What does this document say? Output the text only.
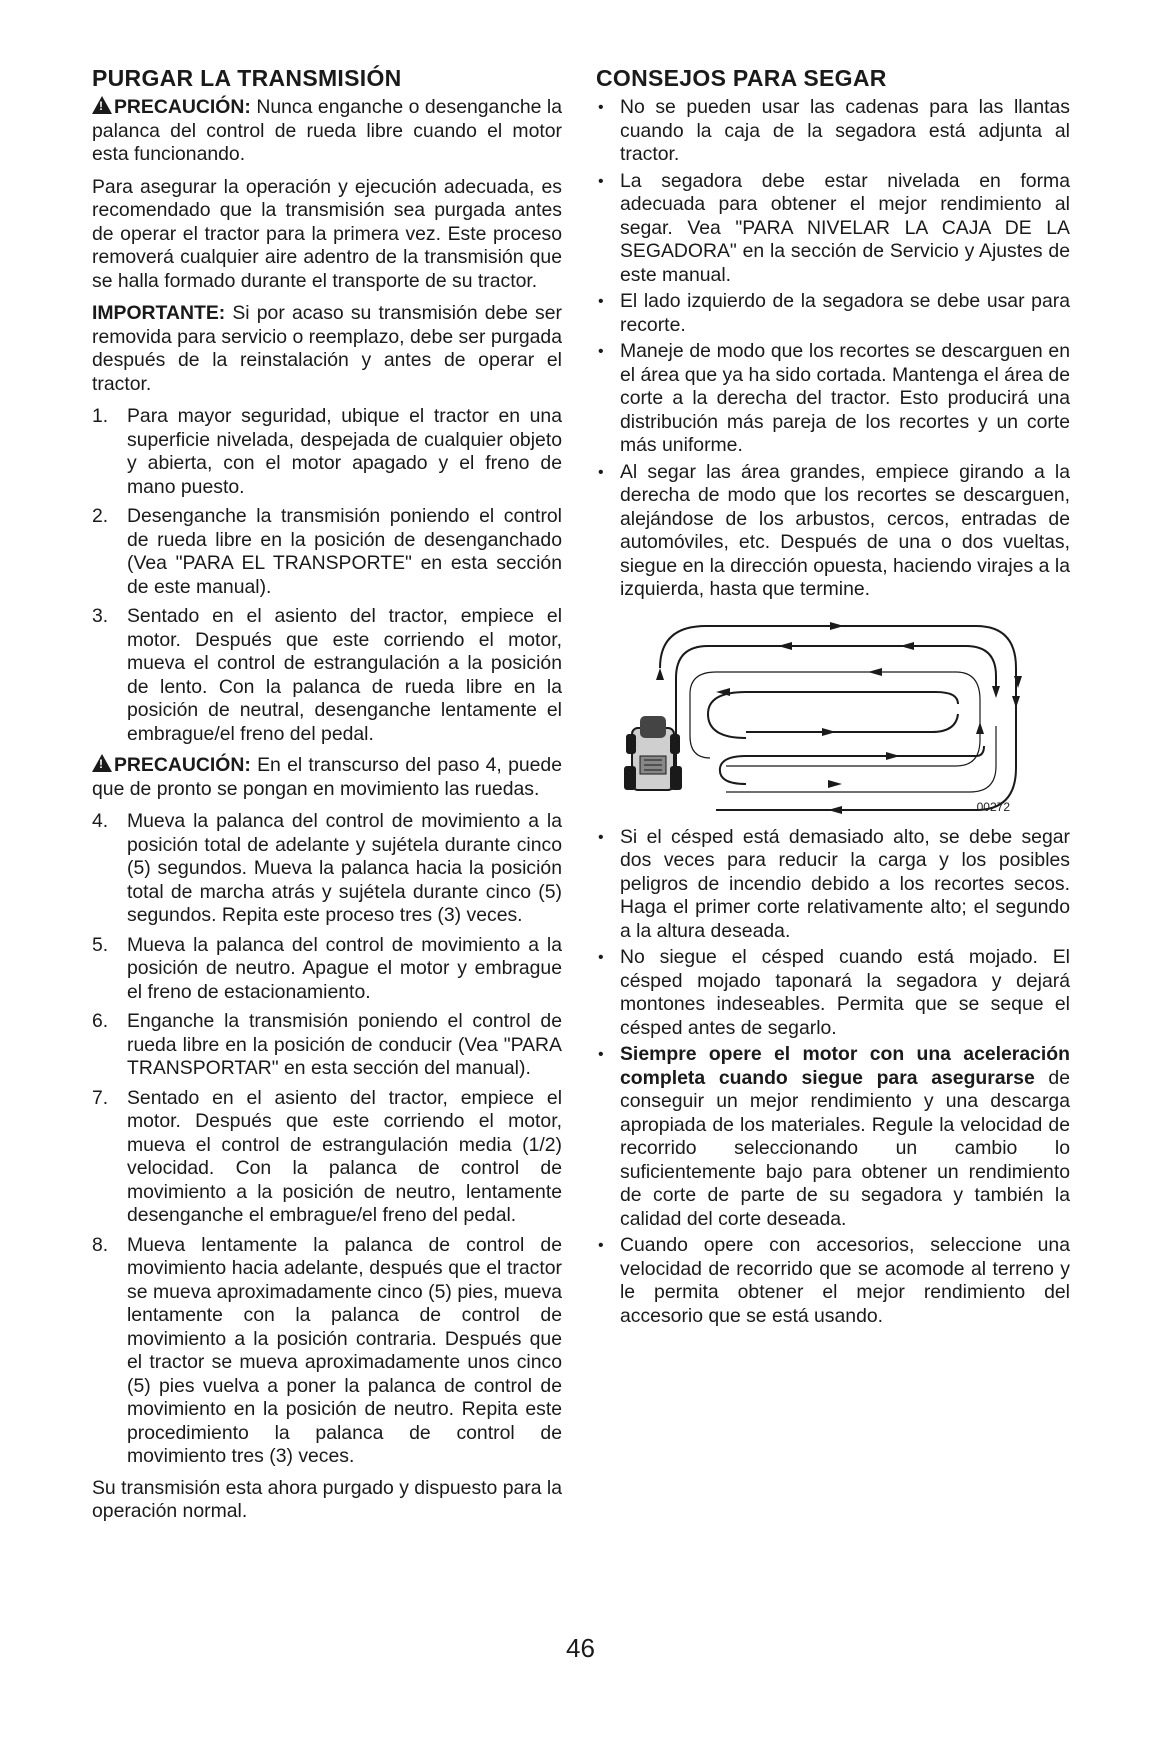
PURGAR LA TRANSMISIÓN

!PRECAUCIÓN: Nunca enganche o desenganche la palanca del control de rueda libre cuando el motor esta funcionando.

Para asegurar la operación y ejecución adecuada, es recomendado que la transmisión sea purgada antes de operar el tractor para la primera vez. Este proceso removerá cualquier aire adentro de la transmisión que se halla formado durante el transporte de su tractor.

IMPORTANTE: Si por acaso su transmisión debe ser removida para servicio o reemplazo, debe ser purgada después de la reinstalación y antes de operar el tractor.

1. Para mayor seguridad, ubique el tractor en una superficie nivelada, despejada de cualquier objeto y abierta, con el motor apagado y el freno de mano puesto.
2. Desenganche la transmisión poniendo el control de rueda libre en la posición de desenganchado (Vea "PARA EL TRANSPORTE" en esta sección de este manual).
3. Sentado en el asiento del tractor, empiece el motor. Después que este corriendo el motor, mueva el control de estrangulación a la posición de lento. Con la palanca de rueda libre en la posición de neutral, desenganche lentamente el embrague/el freno del pedal.

!PRECAUCIÓN: En el transcurso del paso 4, puede que de pronto se pongan en movimiento las ruedas.

4. Mueva la palanca del control de movimiento a la posición total de adelante y sujétela durante cinco (5) segundos. Mueva la palanca hacia la posición total de marcha atrás y sujétela durante cinco (5) segundos. Repita este proceso tres (3) veces.
5. Mueva la palanca del control de movimiento a la posición de neutro. Apague el motor y embrague el freno de estacionamiento.
6. Enganche la transmisión poniendo el control de rueda libre en la posición de conducir (Vea "PARA TRANSPORTAR" en esta sección del manual).
7. Sentado en el asiento del tractor, empiece el motor. Después que este corriendo el motor, mueva el control de estrangulación media (1/2) velocidad. Con la palanca de control de movimiento a la posición de neutro, lentamente desenganche el embrague/el freno del pedal.
8. Mueva lentamente la palanca de control de movimiento hacia adelante, después que el tractor se mueva aproximadamente cinco (5) pies, mueva lentamente con la palanca de control de movimiento a la posición contraria. Después que el tractor se mueva aproximadamente unos cinco (5) pies vuelva a poner la palanca de control de movimiento en la posición de neutro. Repita este procedimiento la palanca de control de movimiento tres (3) veces.

Su transmisión esta ahora purgado y dispuesto para la operación normal.

CONSEJOS PARA SEGAR
• No se pueden usar las cadenas para las llantas cuando la caja de la segadora está adjunta al tractor.
• La segadora debe estar nivelada en forma adecuada para obtener el mejor rendimiento al segar. Vea "PARA NIVELAR LA CAJA DE LA SEGADORA" en la sección de Servicio y Ajustes de este manual.
• El lado izquierdo de la segadora se debe usar para recorte.
• Maneje de modo que los recortes se descarguen en el área que ya ha sido cortada. Mantenga el área de corte a la derecha del tractor. Esto producirá una distribución más pareja de los recortes y un corte más uniforme.
• Al segar las área grandes, empiece girando a la derecha de modo que los recortes se descarguen, alejándose de los arbustos, cercos, entradas de automóviles, etc. Después de una o dos vueltas, siegue en la dirección opuesta, haciendo virajes a la izquierda, hasta que termine.
00272
• Si el césped está demasiado alto, se debe segar dos veces para reducir la carga y los posibles peligros de incendio debido a los recortes secos. Haga el primer corte relativamente alto; el segundo a la altura deseada.
• No siegue el césped cuando está mojado. El césped mojado taponará la segadora y dejará montones indeseables. Permita que se seque el césped antes de segarlo.
• Siempre opere el motor con una aceleración completa cuando siegue para asegurarse de conseguir un mejor rendimiento y una descarga apropiada de los materiales. Regule la velocidad de recorrido seleccionando un cambio lo suficientemente bajo para obtener un rendimiento de corte de parte de su segadora y también la calidad del corte deseada.
• Cuando opere con accesorios, seleccione una velocidad de recorrido que se acomode al terreno y le permita obtener el mejor rendimiento del accesorio que se está usando.
46
